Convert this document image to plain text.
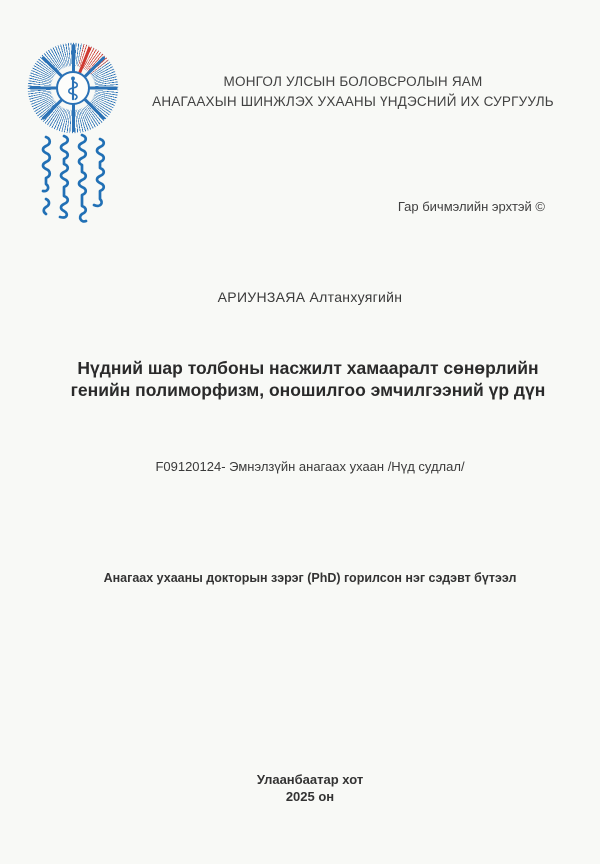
МОНГОЛ УЛСЫН БОЛОВСРОЛЫН ЯАМ
АНАГААХЫН ШИНЖЛЭХ УХААНЫ ҮНДЭСНИЙ ИХ СУРГУУЛЬ
Гар бичмэлийн эрхтэй ©
АРИУНЗАЯА Алтанхуягийн
Нүдний шар толбоны насжилт хамааралт сөнөрлийн генийн полиморфизм, оношилгоо эмчилгээний үр дүн
F09120124- Эмнэлзүйн анагаах ухаан /Нүд судлал/
Анагаах ухааны докторын зэрэг (PhD) горилсон нэг сэдэвт бүтээл
Улаанбаатар хот
2025 он
